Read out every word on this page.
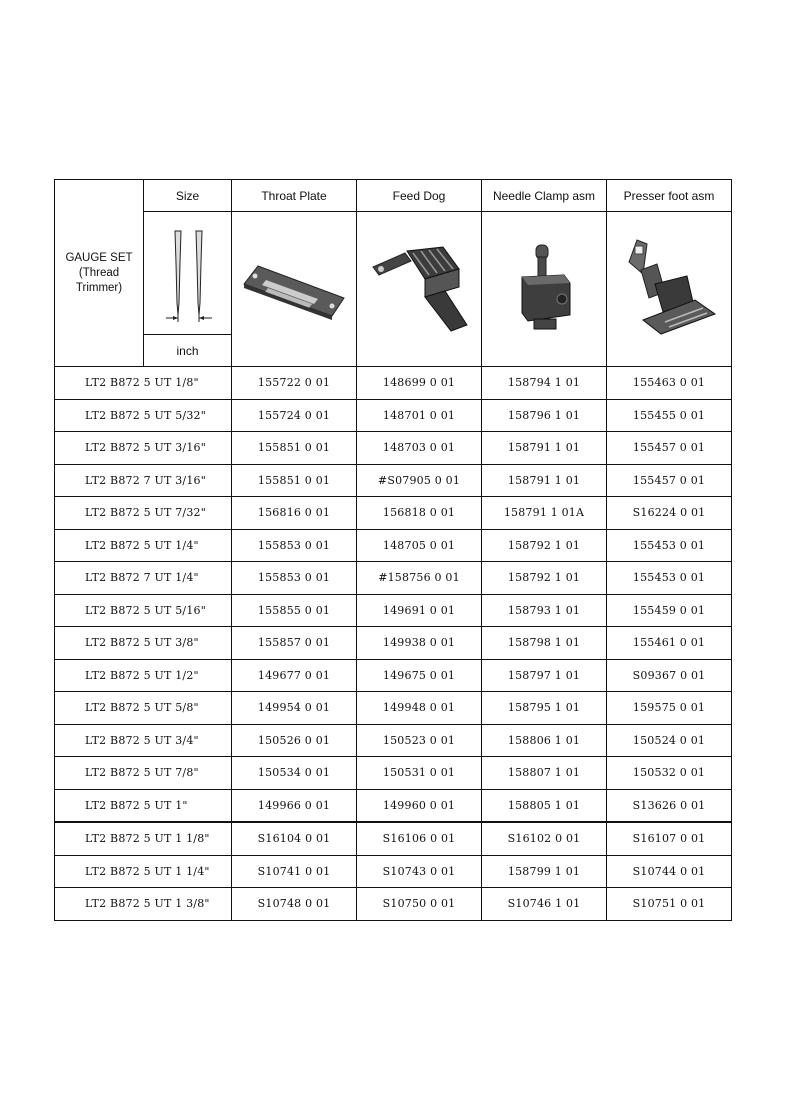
GAUGE SET
(Thread Trimmer)	Size	Throat Plate	Feed Dog	Needle Clamp asm	Presser foot asm

	inch				
LT2 B872 5 UT 1/8"		155722 0 01	148699 0 01	158794 1 01	155463 0 01
LT2 B872 5 UT 5/32"		155724 0 01	148701 0 01	158796 1 01	155455 0 01
LT2 B872 5 UT 3/16"		155851 0 01	148703 0 01	158791 1 01	155457 0 01
LT2 B872 7 UT 3/16"		155851 0 01	#S07905 0 01	158791 1 01	155457 0 01
LT2 B872 5 UT 7/32"		156816 0 01	156818 0 01	158791 1 01A	S16224 0 01
LT2 B872 5 UT 1/4"		155853 0 01	148705 0 01	158792 1 01	155453 0 01
LT2 B872 7 UT 1/4"		155853 0 01	#158756 0 01	158792 1 01	155453 0 01
LT2 B872 5 UT 5/16"		155855 0 01	149691 0 01	158793 1 01	155459 0 01
LT2 B872 5 UT 3/8"		155857 0 01	149938 0 01	158798 1 01	155461 0 01
LT2 B872 5 UT 1/2"		149677 0 01	149675 0 01	158797 1 01	S09367 0 01
LT2 B872 5 UT 5/8"		149954 0 01	149948 0 01	158795 1 01	159575 0 01
LT2 B872 5 UT 3/4"		150526 0 01	150523 0 01	158806 1 01	150524 0 01
LT2 B872 5 UT 7/8"		150534 0 01	150531 0 01	158807 1 01	150532 0 01
LT2 B872 5 UT 1"		149966 0 01	149960 0 01	158805 1 01	S13626 0 01
LT2 B872 5 UT 1 1/8"		S16104 0 01	S16106 0 01	S16102 0 01	S16107 0 01
LT2 B872 5 UT 1 1/4"		S10741 0 01	S10743 0 01	158799 1 01	S10744 0 01
LT2 B872 5 UT 1 3/8"		S10748 0 01	S10750 0 01	S10746 1 01	S10751 0 01
